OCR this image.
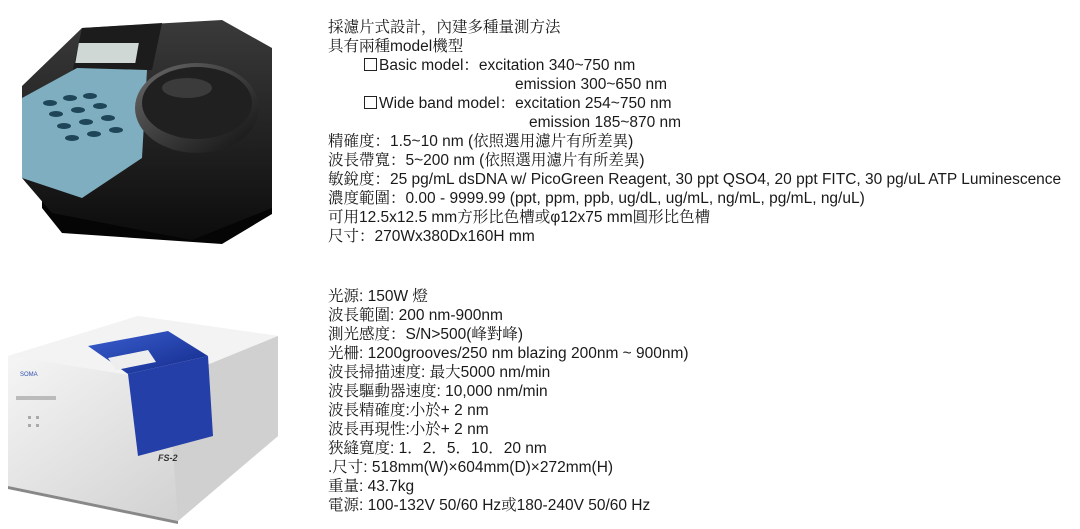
SOMA
FS-2
採濾片式設計，內建多種量測方法
具有兩種model機型
Basic model：excitation 340~750 nm
emission 300~650 nm
Wide band model：excitation 254~750 nm
emission 185~870 nm
精確度：1.5~10 nm (依照選用濾片有所差異)
波長帶寬：5~200 nm (依照選用濾片有所差異)
敏銳度：25 pg/mL dsDNA w/ PicoGreen Reagent, 30 ppt QSO4, 20 ppt FITC, 30 pg/uL ATP Luminescence
濃度範圍：0.00 - 9999.99 (ppt, ppm, ppb, ug/dL, ug/mL, ng/mL, pg/mL, ng/uL)
可用12.5x12.5 mm方形比色槽或φ12x75 mm圓形比色槽
尺寸：270Wx380Dx160H mm
光源: 150W 燈
波長範圍: 200 nm-900nm
測光感度：S/N>500(峰對峰)
光柵: 1200grooves/250 nm blazing 200nm ~ 900nm)
波長掃描速度: 最大5000 nm/min
波長驅動器速度: 10,000 nm/min
波長精確度:小於+ 2 nm
波長再現性:小於+ 2 nm
狹縫寬度: 1．2．5．10．20 nm
.尺寸: 518mm(W)×604mm(D)×272mm(H)
重量: 43.7kg
電源: 100-132V 50/60 Hz或180-240V 50/60 Hz
